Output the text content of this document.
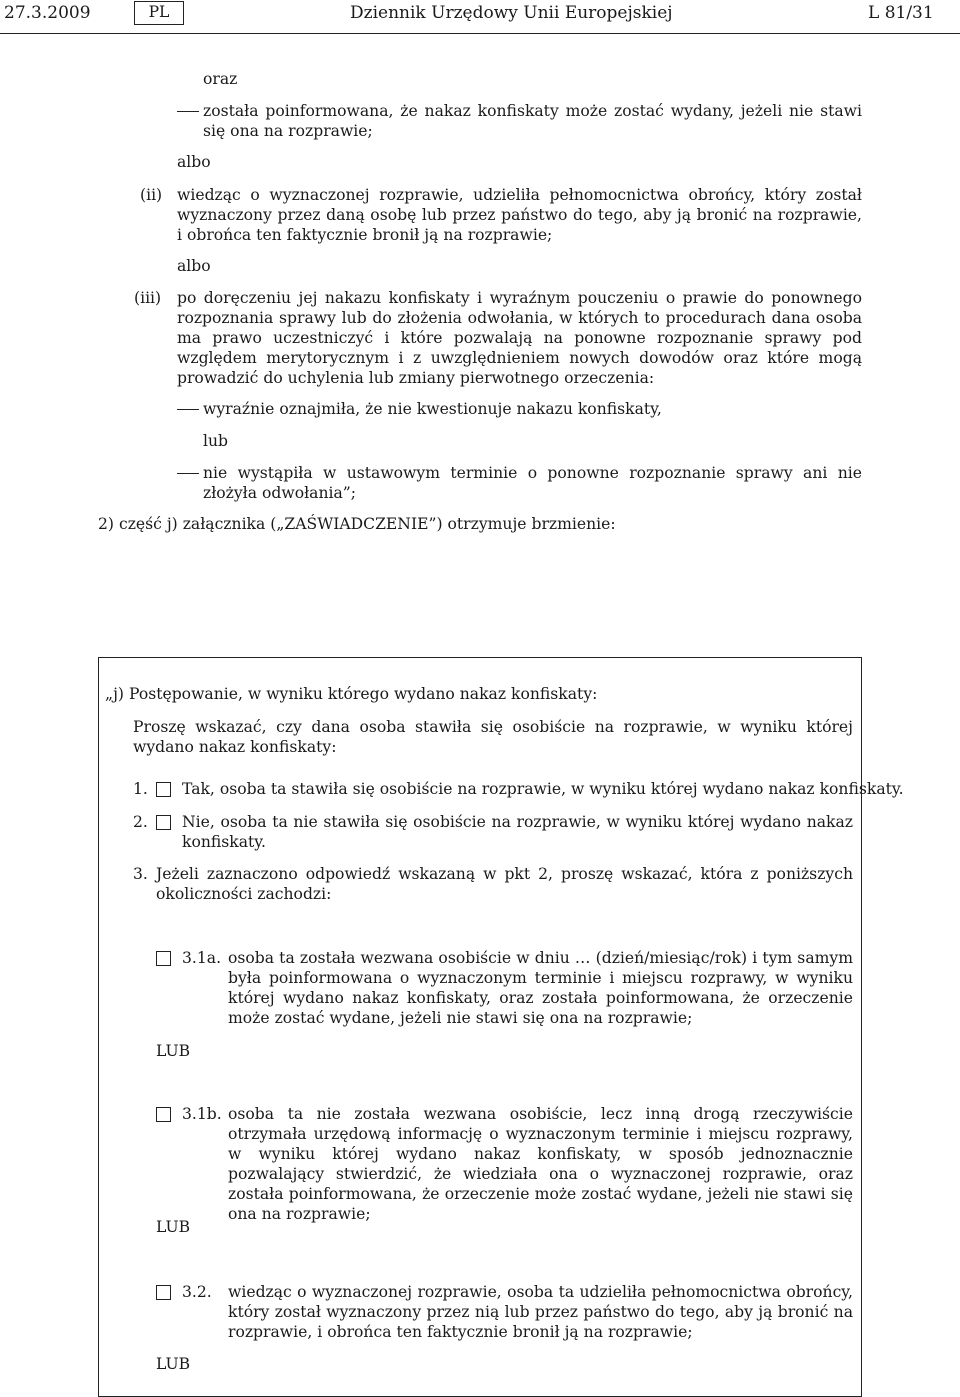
27.3.2009	PL	Dziennik Urzędowy Unii Europejskiej	L 81/31
oraz

została poinformowana, że nakaz konfiskaty może zostać wydany, jeżeli nie stawi się ona na rozprawie;

albo
(ii) wiedząc o wyznaczonej rozprawie, udzieliła pełnomocnictwa obrońcy, który został wyznaczony przez daną osobę lub przez państwo do tego, aby ją bronić na rozprawie, i obrońca ten faktycznie bronił ją na rozprawie;

albo
(iii) po doręczeniu jej nakazu konfiskaty i wyraźnym pouczeniu o prawie do ponownego rozpoznania sprawy lub do złożenia odwołania, w których to procedurach dana osoba ma prawo uczestniczyć i które pozwalają na ponowne rozpoznanie sprawy pod względem merytorycznym i z uwzględnieniem nowych dowodów oraz które mogą prowadzić do uchylenia lub zmiany pierwotnego orzeczenia:

wyraźnie oznajmiła, że nie kwestionuje nakazu konfiskaty,
lub

nie wystąpiła w ustawowym terminie o ponowne rozpoznanie sprawy ani nie złożyła odwołania”;

2) część j) załącznika („ZAŚWIADCZENIE”) otrzymuje brzmienie:
„j) Postępowanie, w wyniku którego wydano nakaz konfiskaty:

Proszę wskazać, czy dana osoba stawiła się osobiście na rozprawie, w wyniku której wydano nakaz konfiskaty:

1. Tak, osoba ta stawiła się osobiście na rozprawie, w wyniku której wydano nakaz konfiskaty.
2. Nie, osoba ta nie stawiła się osobiście na rozprawie, w wyniku której wydano nakaz konfiskaty.

3. Jeżeli zaznaczono odpowiedź wskazaną w pkt 2, proszę wskazać, która z poniższych okoliczności zachodzi:

3.1a. osoba ta została wezwana osobiście w dniu … (dzień/miesiąc/rok) i tym samym była poinformowana o wyznaczonym terminie i miejscu rozprawy, w wyniku której wydano nakaz konfiskaty, oraz została poinformowana, że orzeczenie może zostać wydane, jeżeli nie stawi się ona na rozprawie;

LUB
3.1b. osoba ta nie została wezwana osobiście, lecz inną drogą rzeczywiście otrzymała urzędową informację o wyznaczonym terminie i miejscu rozprawy, w wyniku której wydano nakaz konfiskaty, w sposób jednoznacznie pozwalający stwierdzić, że wiedziała ona o wyznaczonej rozprawie, oraz została poinformowana, że orzeczenie może zostać wydane, jeżeli nie stawi się ona na rozprawie;

LUB
3.2. wiedząc o wyznaczonej rozprawie, osoba ta udzieliła pełnomocnictwa obrońcy, który został wyznaczony przez nią lub przez państwo do tego, aby ją bronić na rozprawie, i obrońca ten faktycznie bronił ją na rozprawie;

LUB
